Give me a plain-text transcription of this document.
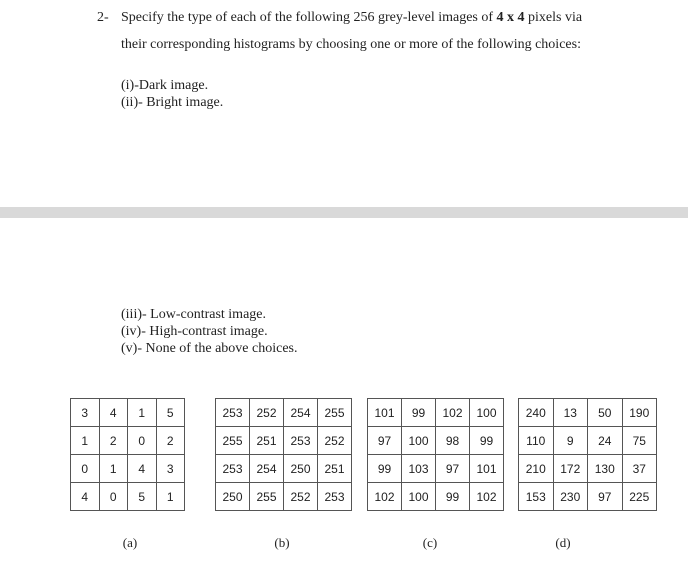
2- Specify the type of each of the following 256 grey-level images of 4 x 4 pixels via
their corresponding histograms by choosing one or more of the following choices:
(i)-Dark image.
(ii)- Bright image.
(iii)- Low-contrast image.
(iv)- High-contrast image.
(v)- None of the above choices.
3	4	1	5
1	2	0	2
0	1	4	3
4	0	5	1
253	252	254	255
255	251	253	252
253	254	250	251
250	255	252	253
101	99	102	100
97	100	98	99
99	103	97	101
102	100	99	102
240	13	50	190
110	9	24	75
210	172	130	37
153	230	97	225
(a)	(b)	(c)	(d)
